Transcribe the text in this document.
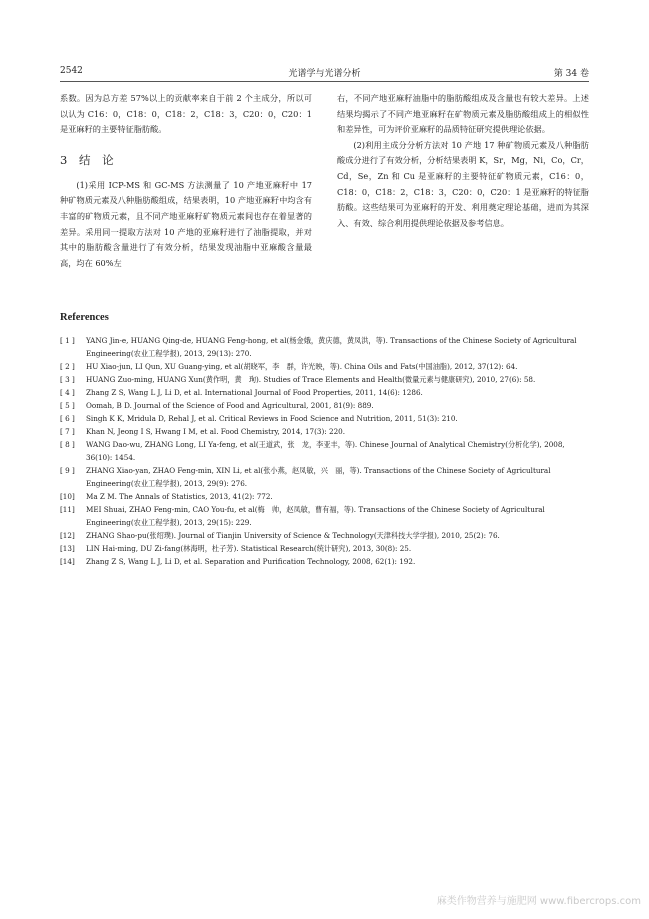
2542	光谱学与光谱分析	第 34 卷

系数。因为总方差 57%以上的贡献率来自于前 2 个主成分，所以可以认为 C16：0，C18：0，C18：2，C18：3，C20：0，C20：1 是亚麻籽的主要特征脂肪酸。

3 结 论

(1)采用 ICP-MS 和 GC-MS 方法测量了 10 产地亚麻籽中 17 种矿物质元素及八种脂肪酸组成，结果表明，10 产地亚麻籽中均含有丰富的矿物质元素，且不同产地亚麻籽矿物质元素间也存在着显著的差异。采用同一提取方法对 10 产地的亚麻籽进行了油脂提取，并对其中的脂肪酸含量进行了有效分析，结果发现油脂中亚麻酸含量最高，均在 60%左

右，不同产地亚麻籽油脂中的脂肪酸组成及含量也有较大差异。上述结果均揭示了不同产地亚麻籽在矿物质元素及脂肪酸组成上的相似性和差异性，可为评价亚麻籽的品质特征研究提供理论依据。

(2)利用主成分分析方法对 10 产地 17 种矿物质元素及八种脂肪酸成分进行了有效分析，分析结果表明 K，Sr，Mg，Ni，Co，Cr，Cd，Se，Zn 和 Cu 是亚麻籽的主要特征矿物质元素，C16：0，C18：0，C18：2，C18：3，C20：0，C20：1 是亚麻籽的特征脂肪酸。这些结果可为亚麻籽的开发、利用奠定理论基础，进而为其深入、有效、综合利用提供理论依据及参考信息。

References
[ 1 ]	YANG Jin-e, HUANG Qing-de, HUANG Feng-hong, et al(杨金娥，黄庆德，黄凤洪，等). Transactions of the Chinese Society of Agricultural Engineering(农业工程学报), 2013, 29(13): 270.
[ 2 ]	HU Xiao-jun, LI Qun, XU Guang-ying, et al(胡晓军，李　群，许光映，等). China Oils and Fats(中国油脂), 2012, 37(12): 64.
[ 3 ]	HUANG Zuo-ming, HUANG Xun(黄作明，黄　珣). Studies of Trace Elements and Health(微量元素与健康研究), 2010, 27(6): 58.
[ 4 ]	Zhang Z S, Wang L J, Li D, et al. International Journal of Food Properties, 2011, 14(6): 1286.
[ 5 ]	Oomah, B D. Journal of the Science of Food and Agricultural, 2001, 81(9): 889.
[ 6 ]	Singh K K, Mridula D, Rehal J, et al. Critical Reviews in Food Science and Nutrition, 2011, 51(3): 210.
[ 7 ]	Khan N, Jeong I S, Hwang I M, et al. Food Chemistry, 2014, 17(3): 220.
[ 8 ]	WANG Dao-wu, ZHANG Long, LI Ya-feng, et al(王道武，张　龙，李亚丰，等). Chinese Journal of Analytical Chemistry(分析化学), 2008, 36(10): 1454.
[ 9 ]	ZHANG Xiao-yan, ZHAO Feng-min, XIN Li, et al(张小燕，赵凤敏，兴　丽，等). Transactions of the Chinese Society of Agricultural Engineering(农业工程学报), 2013, 29(9): 276.
[10]	Ma Z M. The Annals of Statistics, 2013, 41(2): 772.
[11]	MEI Shuai, ZHAO Feng-min, CAO You-fu, et al(梅　帅，赵凤敏，曹有福，等). Transactions of the Chinese Society of Agricultural Engineering(农业工程学报), 2013, 29(15): 229.
[12]	ZHANG Shao-pu(张绍璞). Journal of Tianjin University of Science & Technology(天津科技大学学报), 2010, 25(2): 76.
[13]	LIN Hai-ming, DU Zi-fang(林海明，杜子芳). Statistical Research(统计研究), 2013, 30(8): 25.
[14]	Zhang Z S, Wang L J, Li D, et al. Separation and Purification Technology, 2008, 62(1): 192.
麻类作物营养与施肥网 www.fibercrops.com
